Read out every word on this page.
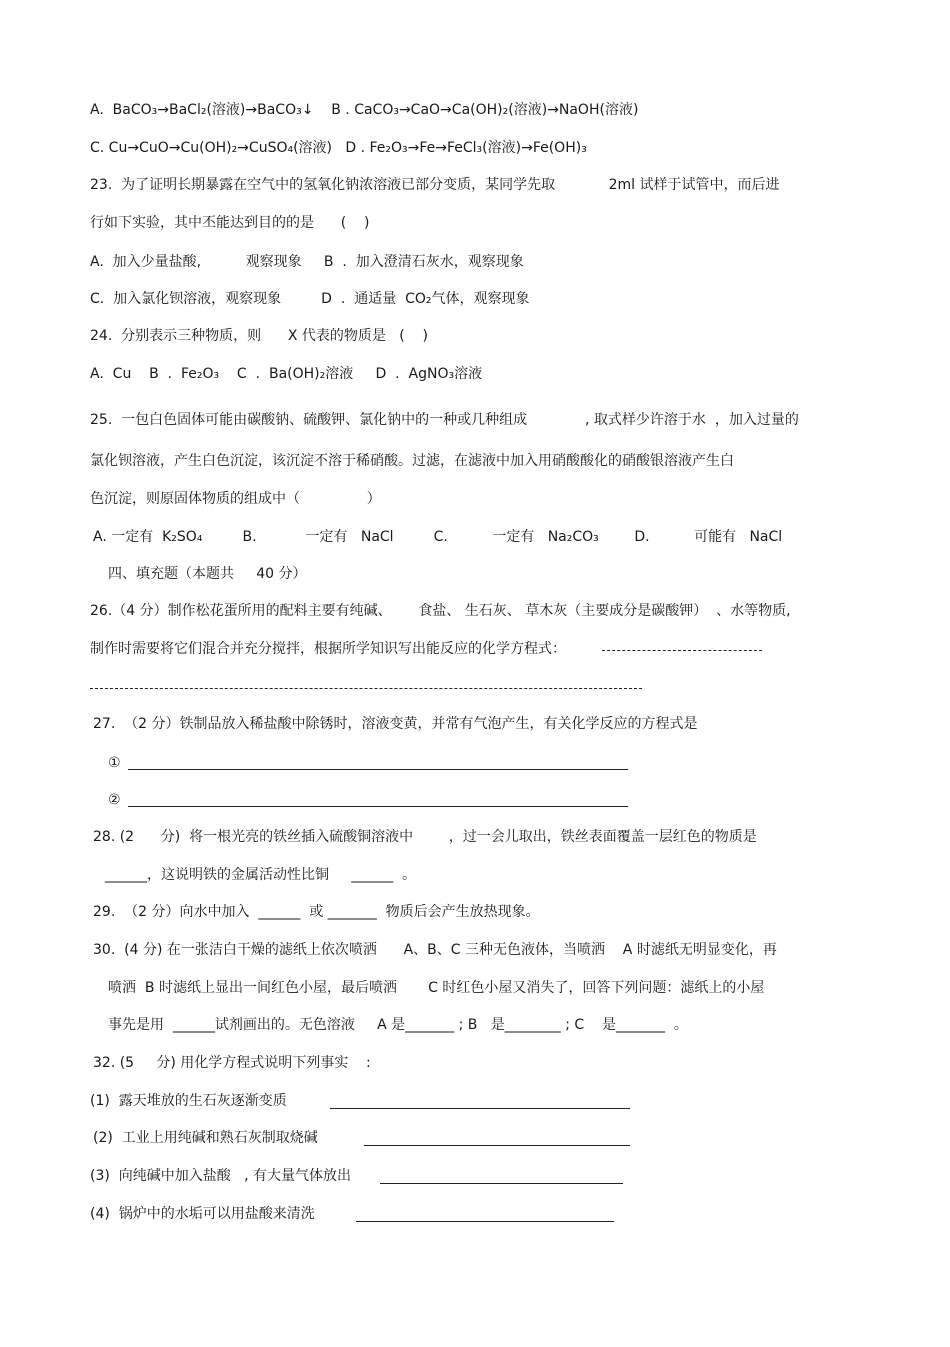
A.  BaCO₃→BaCl₂(溶液)→BaCO₃↓    B . CaCO₃→CaO→Ca(OH)₂(溶液)→NaOH(溶液)
C. Cu→CuO→Cu(OH)₂→CuSO₄(溶液)   D . Fe₂O₃→Fe→FeCl₃(溶液)→Fe(OH)₃
23.  为了证明长期暴露在空气中的氢氧化钠浓溶液已部分变质，某同学先取            2ml 试样于试管中，而后进
行如下实验，其中丕能达到目的的是      (    )
A.  加入少量盐酸,          观察现象     B  .  加入澄清石灰水，观察现象
C.  加入氯化钡溶液，观察现象         D  .  通适量  CO₂气体，观察现象
24.  分别表示三种物质，则      X 代表的物质是   (    )
A.  Cu    B  .  Fe₂O₃    C  .  Ba(OH)₂溶液     D  .  AgNO₃溶液
25.  一包白色固体可能由碳酸钠、硫酸钾、氯化钠中的一种或几种组成             , 取式样少许溶于水  ，加入过量的
氯化钡溶液，产生白色沉淀，该沉淀不溶于稀硝酸。过滤，在滤液中加入用硝酸酸化的硝酸银溶液产生白
色沉淀，则原固体物质的组成中（               ）
A. 一定有  K₂SO₄         B.           一定有   NaCl         C.          一定有   Na₂CO₃        D.          可能有   NaCl
四、填充题（本题共     40 分）
26.（4 分）制作松花蛋所用的配料主要有纯碱、      食盐、 生石灰、 草木灰（主要成分是碳酸钾）  、水等物质,
制作时需要将它们混合并充分搅拌，根据所学知识写出能反应的化学方程式：
27.  （2 分）铁制品放入稀盐酸中除锈时，溶液变黄，并常有气泡产生，有关化学反应的方程式是
①
②
28. (2      分)  将一根光亮的铁丝插入硫酸铜溶液中        ，过一会儿取出，铁丝表面覆盖一层红色的物质是
______，这说明铁的金属活动性比铜     ______  。
29.  （2 分）向水中加入  ______  或 _______  物质后会产生放热现象。
30.  (4 分) 在一张洁白干燥的滤纸上依次喷洒      A、B、C 三种无色液体，当喷洒    A 时滤纸无明显变化，再
喷洒  B 时滤纸上显出一间红色小屋，最后喷洒       C 时红色小屋又消失了，回答下列问题：滤纸上的小屋
事先是用  ______试剂画出的。无色溶液     A 是_______ ; B   是________ ; C    是_______  。
32. (5     分) 用化学方程式说明下列事实    :
(1)  露天堆放的生石灰逐渐变质
(2)  工业上用纯碱和熟石灰制取烧碱
(3)  向纯碱中加入盐酸   , 有大量气体放出
(4)  锅炉中的水垢可以用盐酸来清洗
